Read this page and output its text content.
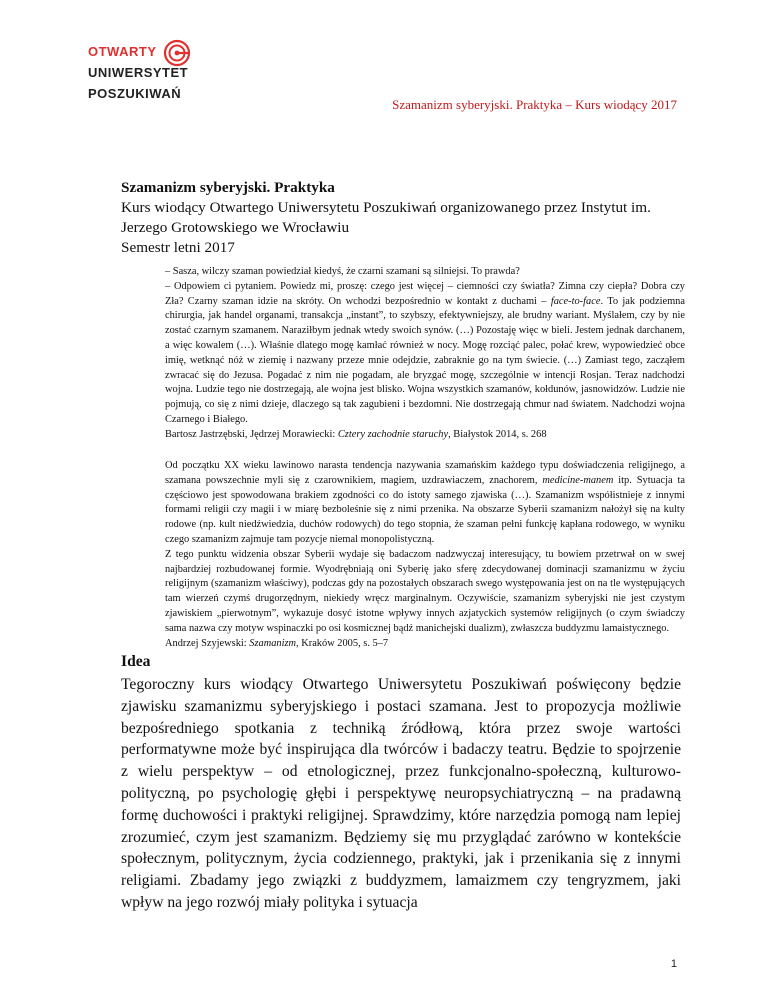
OTWARTY
UNIWERSYTET
POSZUKIWAŃ
Szamanizm syberyjski. Praktyka – Kurs wiodący 2017
Szamanizm syberyjski. Praktyka
Kurs wiodący Otwartego Uniwersytetu Poszukiwań organizowanego przez Instytut im.
Jerzego Grotowskiego we Wrocławiu
Semestr letni 2017

– Sasza, wilczy szaman powiedział kiedyś, że czarni szamani są silniejsi. To prawda?

– Odpowiem ci pytaniem. Powiedz mi, proszę: czego jest więcej – ciemności czy światła? Zimna czy ciepła? Dobra czy Zła? Czarny szaman idzie na skróty. On wchodzi bezpośrednio w kontakt z duchami – face-to-face. To jak podziemna chirurgia, jak handel organami, transakcja „instant”, to szybszy, efektywniejszy, ale brudny wariant. Myślałem, czy by nie zostać czarnym szamanem. Naraziłbym jednak wtedy swoich synów. (…) Pozostaję więc w bieli. Jestem jednak darchanem, a więc kowalem (…). Właśnie dlatego mogę kamłać również w nocy. Mogę rozciąć palec, połać krew, wypowiedzieć obce imię, wetknąć nóż w ziemię i nazwany przeze mnie odejdzie, zabraknie go na tym świecie. (…) Zamiast tego, zacząłem zwracać się do Jezusa. Pogadać z nim nie pogadam, ale bryzgać mogę, szczególnie w intencji Rosjan. Teraz nadchodzi wojna. Ludzie tego nie dostrzegają, ale wojna jest blisko. Wojna wszystkich szamanów, kołdunów, jasnowidzów. Ludzie nie pojmują, co się z nimi dzieje, dlaczego są tak zagubieni i bezdomni. Nie dostrzegają chmur nad światem. Nadchodzi wojna Czarnego i Białego.

Bartosz Jastrzębski, Jędrzej Morawiecki: Cztery zachodnie staruchy, Białystok 2014, s. 268

Od początku XX wieku lawinowo narasta tendencja nazywania szamańskim każdego typu doświadczenia religijnego, a szamana powszechnie myli się z czarownikiem, magiem, uzdrawiaczem, znachorem, medicine-manem itp. Sytuacja ta częściowo jest spowodowana brakiem zgodności co do istoty samego zjawiska (…). Szamanizm współistnieje z innymi formami religii czy magii i w miarę bezboleśnie się z nimi przenika. Na obszarze Syberii szamanizm nałożył się na kulty rodowe (np. kult niedźwiedzia, duchów rodowych) do tego stopnia, że szaman pełni funkcję kapłana rodowego, w wyniku czego szamanizm zajmuje tam pozycje niemal monopolistyczną.

Z tego punktu widzenia obszar Syberii wydaje się badaczom nadzwyczaj interesujący, tu bowiem przetrwał on w swej najbardziej rozbudowanej formie. Wyodrębniają oni Syberię jako sferę zdecydowanej dominacji szamanizmu w życiu religijnym (szamanizm właściwy), podczas gdy na pozostałych obszarach swego występowania jest on na tle występujących tam wierzeń czymś drugorzędnym, niekiedy wręcz marginalnym. Oczywiście, szamanizm syberyjski nie jest czystym zjawiskiem „pierwotnym”, wykazuje dosyć istotne wpływy innych azjatyckich systemów religijnych (o czym świadczy sama nazwa czy motyw wspinaczki po osi kosmicznej bądź manichejski dualizm), zwłaszcza buddyzmu lamaistycznego.

Andrzej Szyjewski: Szamanizm, Kraków 2005, s. 5–7

Idea

Tegoroczny kurs wiodący Otwartego Uniwersytetu Poszukiwań poświęcony będzie zjawisku szamanizmu syberyjskiego i postaci szamana. Jest to propozycja możliwie bezpośredniego spotkania z techniką źródłową, która przez swoje wartości performatywne może być inspirująca dla twórców i badaczy teatru. Będzie to spojrzenie z wielu perspektyw – od etnologicznej, przez funkcjonalno-społeczną, kulturowo-polityczną, po psychologię głębi i perspektywę neuropsychiatryczną – na pradawną formę duchowości i praktyki religijnej. Sprawdzimy, które narzędzia pomogą nam lepiej zrozumieć, czym jest szamanizm. Będziemy się mu przyglądać zarówno w kontekście społecznym, politycznym, życia codziennego, praktyki, jak i przenikania się z innymi religiami. Zbadamy jego związki z buddyzmem, lamaizmem czy tengryzmem, jaki wpływ na jego rozwój miały polityka i sytuacja

1
